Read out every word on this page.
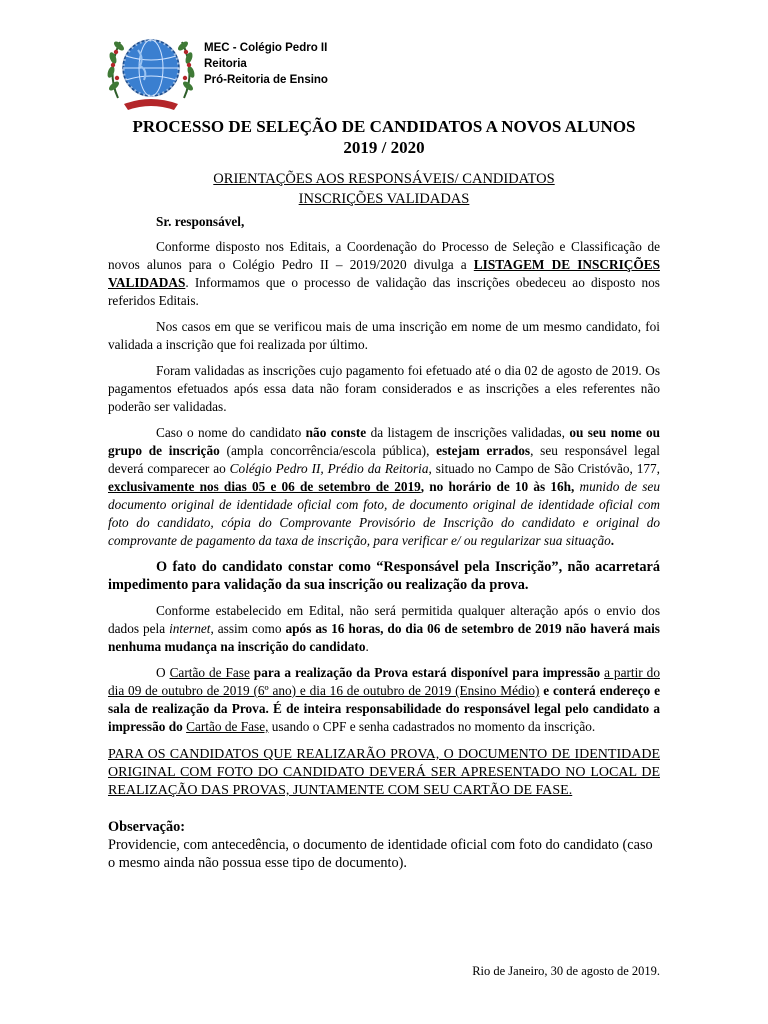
MEC - Colégio Pedro II
Reitoria
Pró-Reitoria de Ensino
PROCESSO DE SELEÇÃO DE CANDIDATOS A NOVOS ALUNOS
2019 / 2020
ORIENTAÇÕES AOS RESPONSÁVEIS/ CANDIDATOS
INSCRIÇÕES VALIDADAS

Sr. responsável,

Conforme disposto nos Editais, a Coordenação do Processo de Seleção e Classificação de novos alunos para o Colégio Pedro II – 2019/2020 divulga a LISTAGEM DE INSCRIÇÕES VALIDADAS. Informamos que o processo de validação das inscrições obedeceu ao disposto nos referidos Editais.

Nos casos em que se verificou mais de uma inscrição em nome de um mesmo candidato, foi validada a inscrição que foi realizada por último.

Foram validadas as inscrições cujo pagamento foi efetuado até o dia 02 de agosto de 2019. Os pagamentos efetuados após essa data não foram considerados e as inscrições a eles referentes não poderão ser validadas.

Caso o nome do candidato não conste da listagem de inscrições validadas, ou seu nome ou grupo de inscrição (ampla concorrência/escola pública), estejam errados, seu responsável legal deverá comparecer ao Colégio Pedro II, Prédio da Reitoria, situado no Campo de São Cristóvão, 177, exclusivamente nos dias 05 e 06 de setembro de 2019, no horário de 10 às 16h, munido de seu documento original de identidade oficial com foto, de documento original de identidade oficial com foto do candidato, cópia do Comprovante Provisório de Inscrição do candidato e original do comprovante de pagamento da taxa de inscrição, para verificar e/ ou regularizar sua situação.

O fato do candidato constar como “Responsável pela Inscrição”, não acarretará impedimento para validação da sua inscrição ou realização da prova.

Conforme estabelecido em Edital, não será permitida qualquer alteração após o envio dos dados pela internet, assim como após as 16 horas, do dia 06 de setembro de 2019 não haverá mais nenhuma mudança na inscrição do candidato.

O Cartão de Fase para a realização da Prova estará disponível para impressão a partir do dia 09 de outubro de 2019 (6º ano) e dia 16 de outubro de 2019 (Ensino Médio) e conterá endereço e sala de realização da Prova. É de inteira responsabilidade do responsável legal pelo candidato a impressão do Cartão de Fase, usando o CPF e senha cadastrados no momento da inscrição.

PARA OS CANDIDATOS QUE REALIZARÃO PROVA, O DOCUMENTO DE IDENTIDADE ORIGINAL COM FOTO DO CANDIDATO DEVERÁ SER APRESENTADO NO LOCAL DE REALIZAÇÃO DAS PROVAS, JUNTAMENTE COM SEU CARTÃO DE FASE.
Observação:
Providencie, com antecedência, o documento de identidade oficial com foto do candidato (caso o mesmo ainda não possua esse tipo de documento).
Rio de Janeiro, 30 de agosto de 2019.
